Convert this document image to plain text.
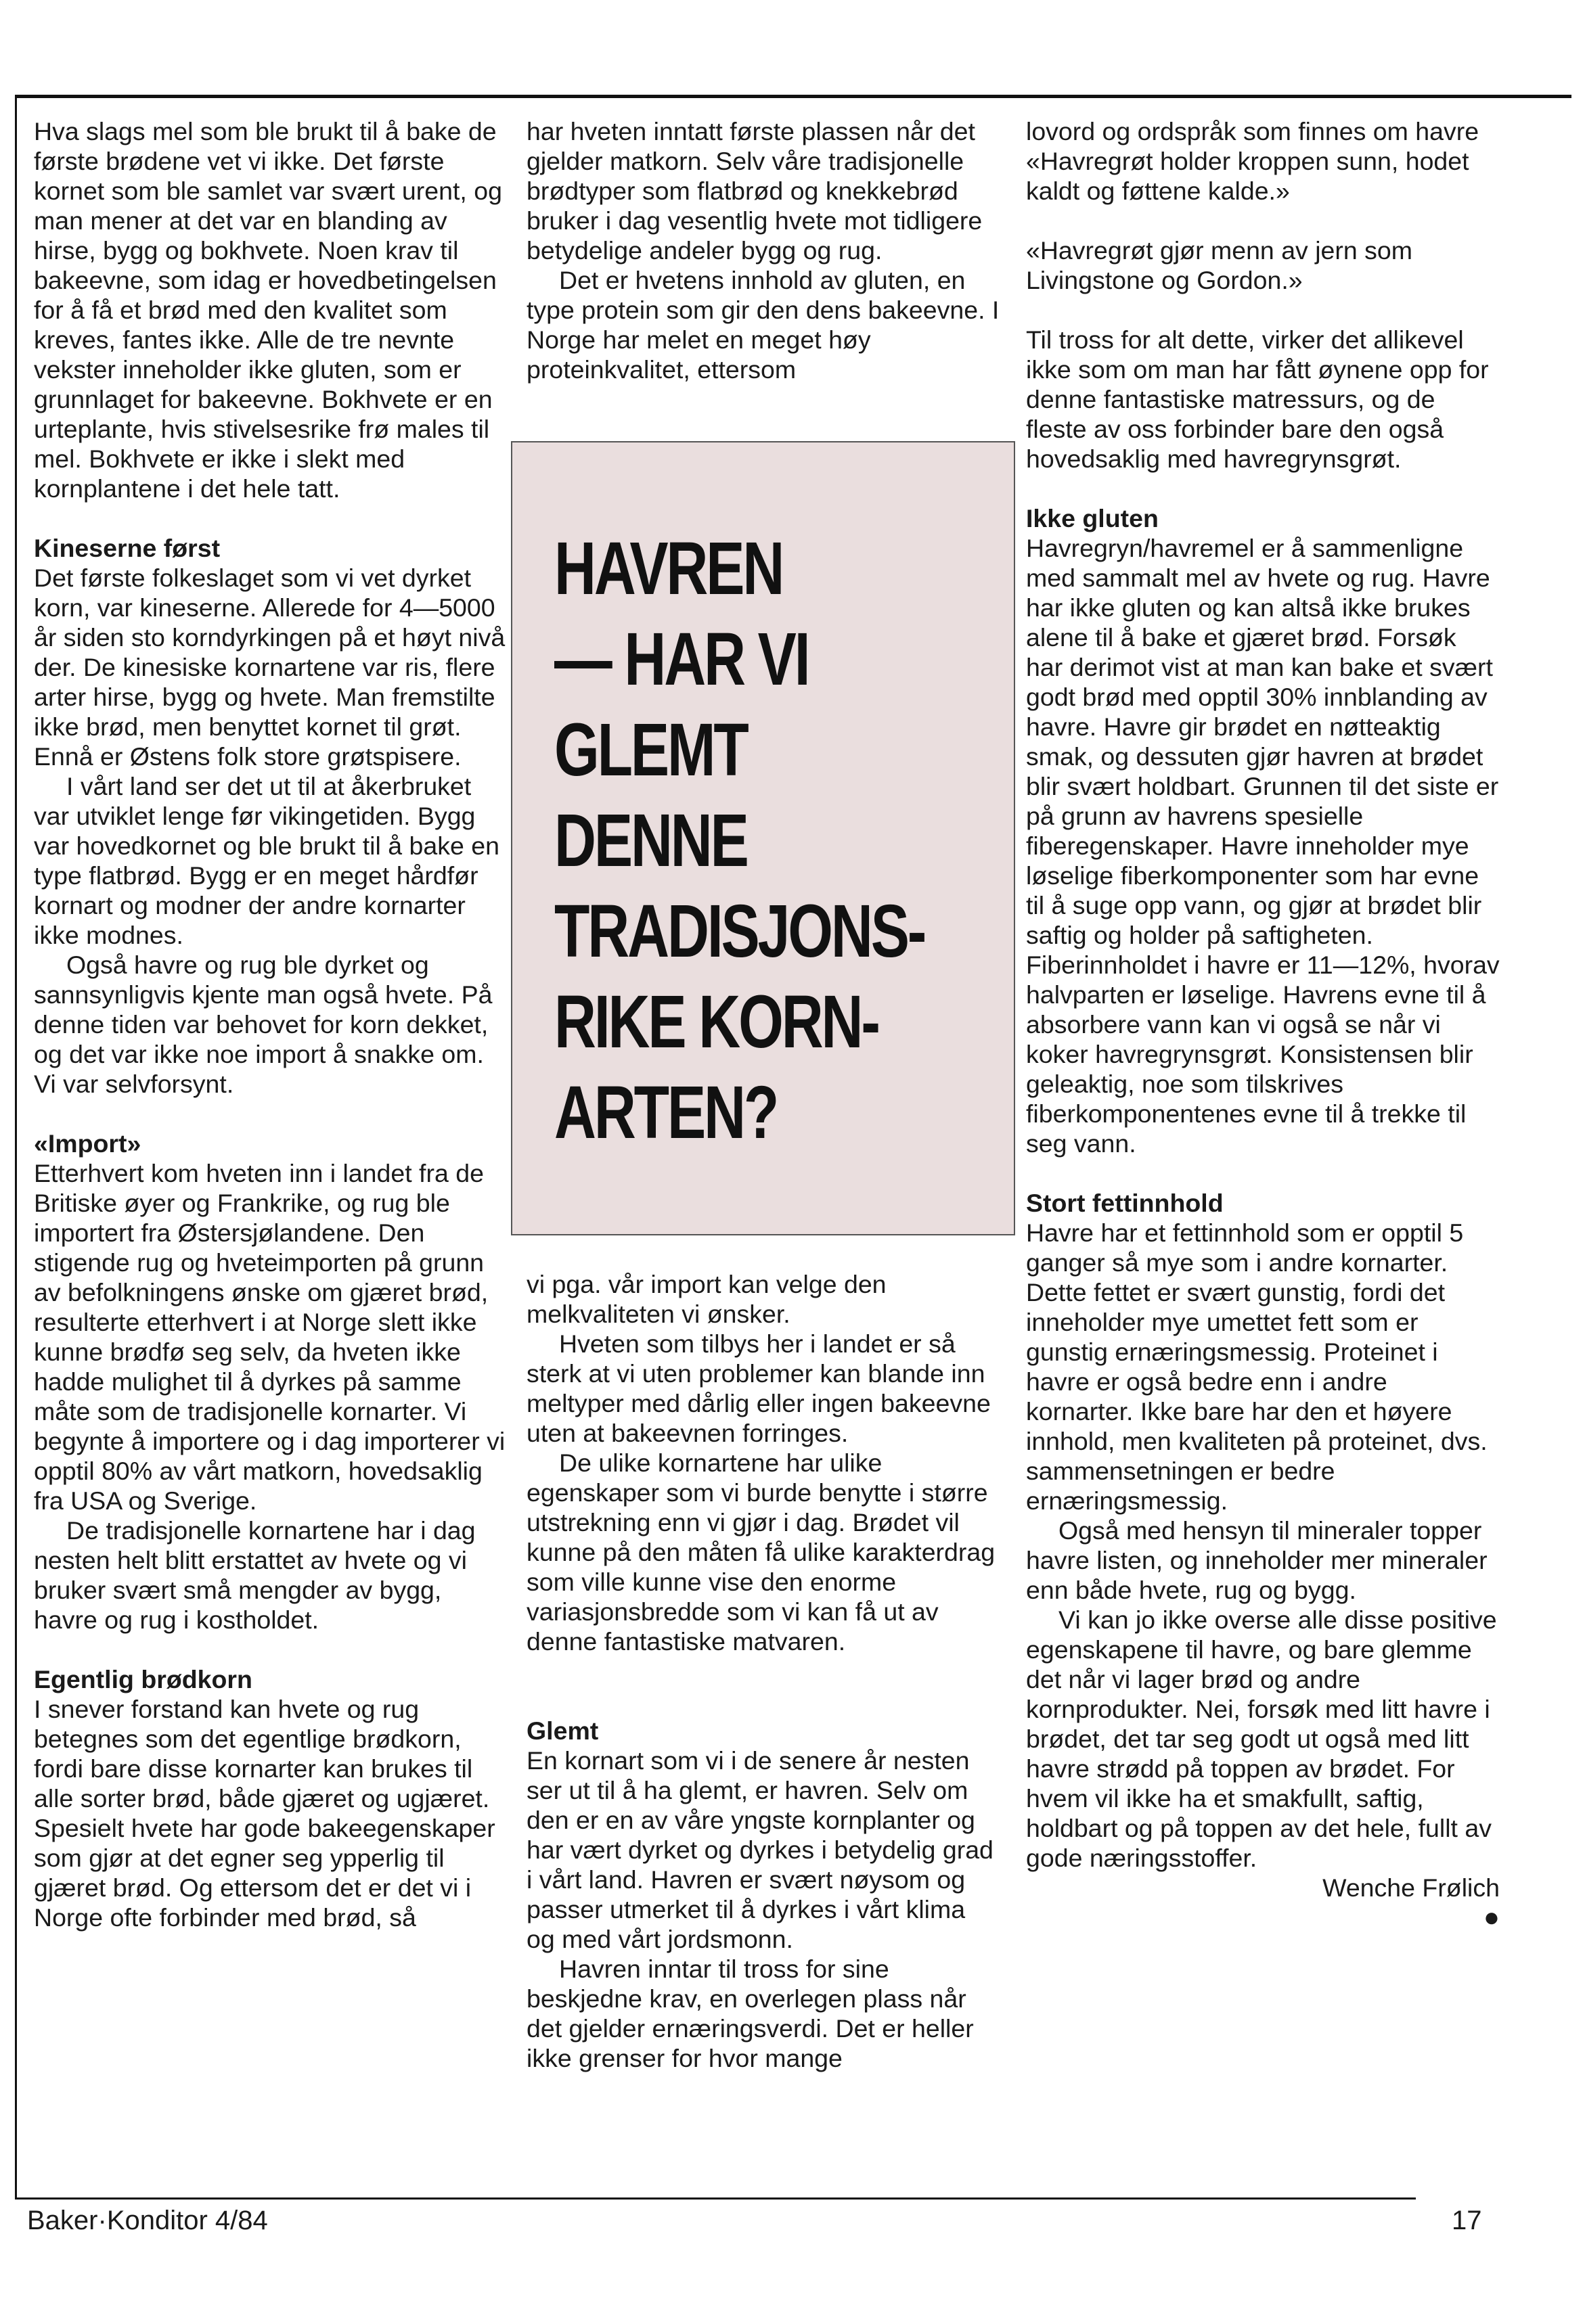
Hva slags mel som ble brukt til å bake de første brødene vet vi ikke. Det første kornet som ble samlet var svært urent, og man mener at det var en blanding av hirse, bygg og bokhvete. Noen krav til bakeevne, som idag er hovedbetingelsen for å få et brød med den kvalitet som kreves, fantes ikke. Alle de tre nevnte vekster inneholder ikke gluten, som er grunnlaget for bakeevne. Bokhvete er en urteplante, hvis stivelsesrike frø males til mel. Bokhvete er ikke i slekt med kornplantene i det hele tatt.

Kineserne først

Det første folkeslaget som vi vet dyrket korn, var kineserne. Allerede for 4—5000 år siden sto korndyrkingen på et høyt nivå der. De kinesiske kornartene var ris, flere arter hirse, bygg og hvete. Man fremstilte ikke brød, men benyttet kornet til grøt. Ennå er Østens folk store grøtspisere.

I vårt land ser det ut til at åkerbruket var utviklet lenge før vikingetiden. Bygg var hovedkornet og ble brukt til å bake en type flatbrød. Bygg er en meget hårdfør kornart og modner der andre kornarter ikke modnes.

Også havre og rug ble dyrket og sannsynligvis kjente man også hvete. På denne tiden var behovet for korn dekket, og det var ikke noe import å snakke om. Vi var selvforsynt.

«Import»

Etterhvert kom hveten inn i landet fra de Britiske øyer og Frankrike, og rug ble importert fra Østersjølandene. Den stigende rug og hveteimporten på grunn av befolkningens ønske om gjæret brød, resulterte etterhvert i at Norge slett ikke kunne brødfø seg selv, da hveten ikke hadde mulighet til å dyrkes på samme måte som de tradisjonelle kornarter. Vi begynte å importere og i dag importerer vi opptil 80% av vårt matkorn, hovedsaklig fra USA og Sverige.

De tradisjonelle kornartene har i dag nesten helt blitt erstattet av hvete og vi bruker svært små mengder av bygg, havre og rug i kostholdet.

Egentlig brødkorn

I snever forstand kan hvete og rug betegnes som det egentlige brødkorn, fordi bare disse kornarter kan brukes til alle sorter brød, både gjæret og ugjæret. Spesielt hvete har gode bakeegenskaper som gjør at det egner seg ypperlig til gjæret brød. Og ettersom det er det vi i Norge ofte forbinder med brød, så

har hveten inntatt første plassen når det gjelder matkorn. Selv våre tradisjonelle brødtyper som flatbrød og knekkebrød bruker i dag vesentlig hvete mot tidligere betydelige andeler bygg og rug.

Det er hvetens innhold av gluten, en type protein som gir den dens bakeevne. I Norge har melet en meget høy proteinkvalitet, ettersom

HAVREN
— HAR VI
GLEMT
DENNE
TRADISJONS-
RIKE KORN-
ARTEN?

vi pga. vår import kan velge den melkvaliteten vi ønsker.

Hveten som tilbys her i landet er så sterk at vi uten problemer kan blande inn meltyper med dårlig eller ingen bakeevne uten at bakeevnen forringes.

De ulike kornartene har ulike egenskaper som vi burde benytte i større utstrekning enn vi gjør i dag. Brødet vil kunne på den måten få ulike karakterdrag som ville kunne vise den enorme variasjonsbredde som vi kan få ut av denne fantastiske matvaren.

Glemt

En kornart som vi i de senere år nesten ser ut til å ha glemt, er havren. Selv om den er en av våre yngste kornplanter og har vært dyrket og dyrkes i betydelig grad i vårt land. Havren er svært nøysom og passer utmerket til å dyrkes i vårt klima og med vårt jordsmonn.

Havren inntar til tross for sine beskjedne krav, en overlegen plass når det gjelder ernæringsverdi. Det er heller ikke grenser for hvor mange

lovord og ordspråk som finnes om havre

«Havregrøt holder kroppen sunn, hodet kaldt og føttene kalde.»

«Havregrøt gjør menn av jern som Livingstone og Gordon.»

Til tross for alt dette, virker det allikevel ikke som om man har fått øynene opp for denne fantastiske matressurs, og de fleste av oss forbinder bare den også hovedsaklig med havregrynsgrøt.

Ikke gluten

Havregryn/havremel er å sammenligne med sammalt mel av hvete og rug. Havre har ikke gluten og kan altså ikke brukes alene til å bake et gjæret brød. Forsøk har derimot vist at man kan bake et svært godt brød med opptil 30% innblanding av havre. Havre gir brødet en nøtteaktig smak, og dessuten gjør havren at brødet blir svært holdbart. Grunnen til det siste er på grunn av havrens spesielle fiberegenskaper. Havre inneholder mye løselige fiberkomponenter som har evne til å suge opp vann, og gjør at brødet blir saftig og holder på saftigheten. Fiberinnholdet i havre er 11—12%, hvorav halvparten er løselige. Havrens evne til å absorbere vann kan vi også se når vi koker havregrynsgrøt. Konsistensen blir geleaktig, noe som tilskrives fiberkomponentenes evne til å trekke til seg vann.

Stort fettinnhold

Havre har et fettinnhold som er opptil 5 ganger så mye som i andre kornarter. Dette fettet er svært gunstig, fordi det inneholder mye umettet fett som er gunstig ernæringsmessig. Proteinet i havre er også bedre enn i andre kornarter. Ikke bare har den et høyere innhold, men kvaliteten på proteinet, dvs. sammensetningen er bedre ernæringsmessig.

Også med hensyn til mineraler topper havre listen, og inneholder mer mineraler enn både hvete, rug og bygg.

Vi kan jo ikke overse alle disse positive egenskapene til havre, og bare glemme det når vi lager brød og andre kornprodukter. Nei, forsøk med litt havre i brødet, det tar seg godt ut også med litt havre strødd på toppen av brødet. For hvem vil ikke ha et smakfullt, saftig, holdbart og på toppen av det hele, fullt av gode næringsstoffer.

Wenche Frølich

●

Baker·Konditor 4/84	17
